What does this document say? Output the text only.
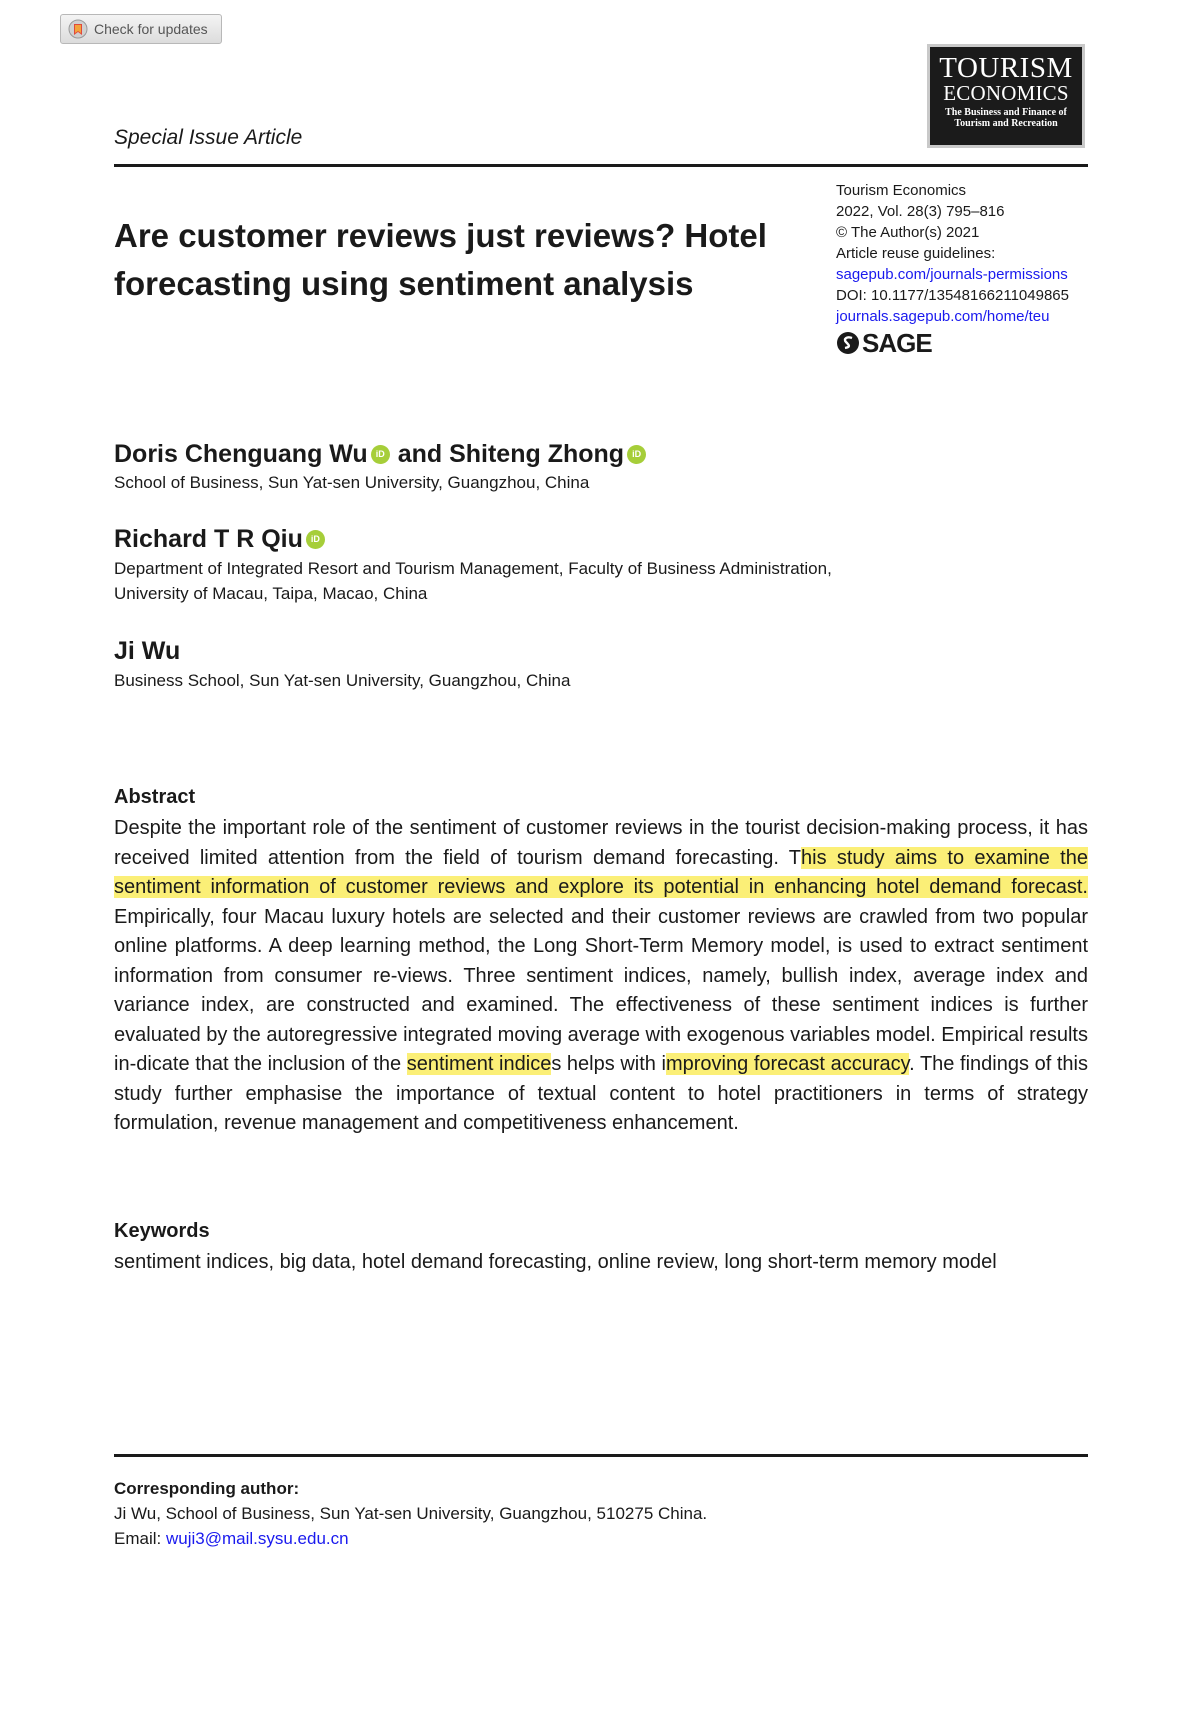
Check for updates
TOURISM
ECONOMICS
The Business and Finance of
Tourism and Recreation
Special Issue Article
Are customer reviews just reviews? Hotel forecasting using sentiment analysis
Tourism Economics
2022, Vol. 28(3) 795–816
© The Author(s) 2021
Article reuse guidelines:
sagepub.com/journals-permissions
DOI: 10.1177/13548166211049865
journals.sagepub.com/home/teu
SAGE
Doris Chenguang Wu iD and Shiteng Zhong iD
School of Business, Sun Yat-sen University, Guangzhou, China
Richard T R Qiu iD
Department of Integrated Resort and Tourism Management, Faculty of Business Administration,
University of Macau, Taipa, Macao, China
Ji Wu
Business School, Sun Yat-sen University, Guangzhou, China
Abstract

Despite the important role of the sentiment of customer reviews in the tourist decision-making process, it has received limited attention from the field of tourism demand forecasting. This study aims to examine the sentiment information of customer reviews and explore its potential in enhancing hotel demand forecast. Empirically, four Macau luxury hotels are selected and their customer reviews are crawled from two popular online platforms. A deep learning method, the Long Short-Term Memory model, is used to extract sentiment information from consumer re-views. Three sentiment indices, namely, bullish index, average index and variance index, are constructed and examined. The effectiveness of these sentiment indices is further evaluated by the autoregressive integrated moving average with exogenous variables model. Empirical results in-dicate that the inclusion of the sentiment indices helps with improving forecast accuracy. The findings of this study further emphasise the importance of textual content to hotel practitioners in terms of strategy formulation, revenue management and competitiveness enhancement.

Keywords

sentiment indices, big data, hotel demand forecasting, online review, long short-term memory model

Corresponding author:
Ji Wu, School of Business, Sun Yat-sen University, Guangzhou, 510275 China.
Email: wuji3@mail.sysu.edu.cn
